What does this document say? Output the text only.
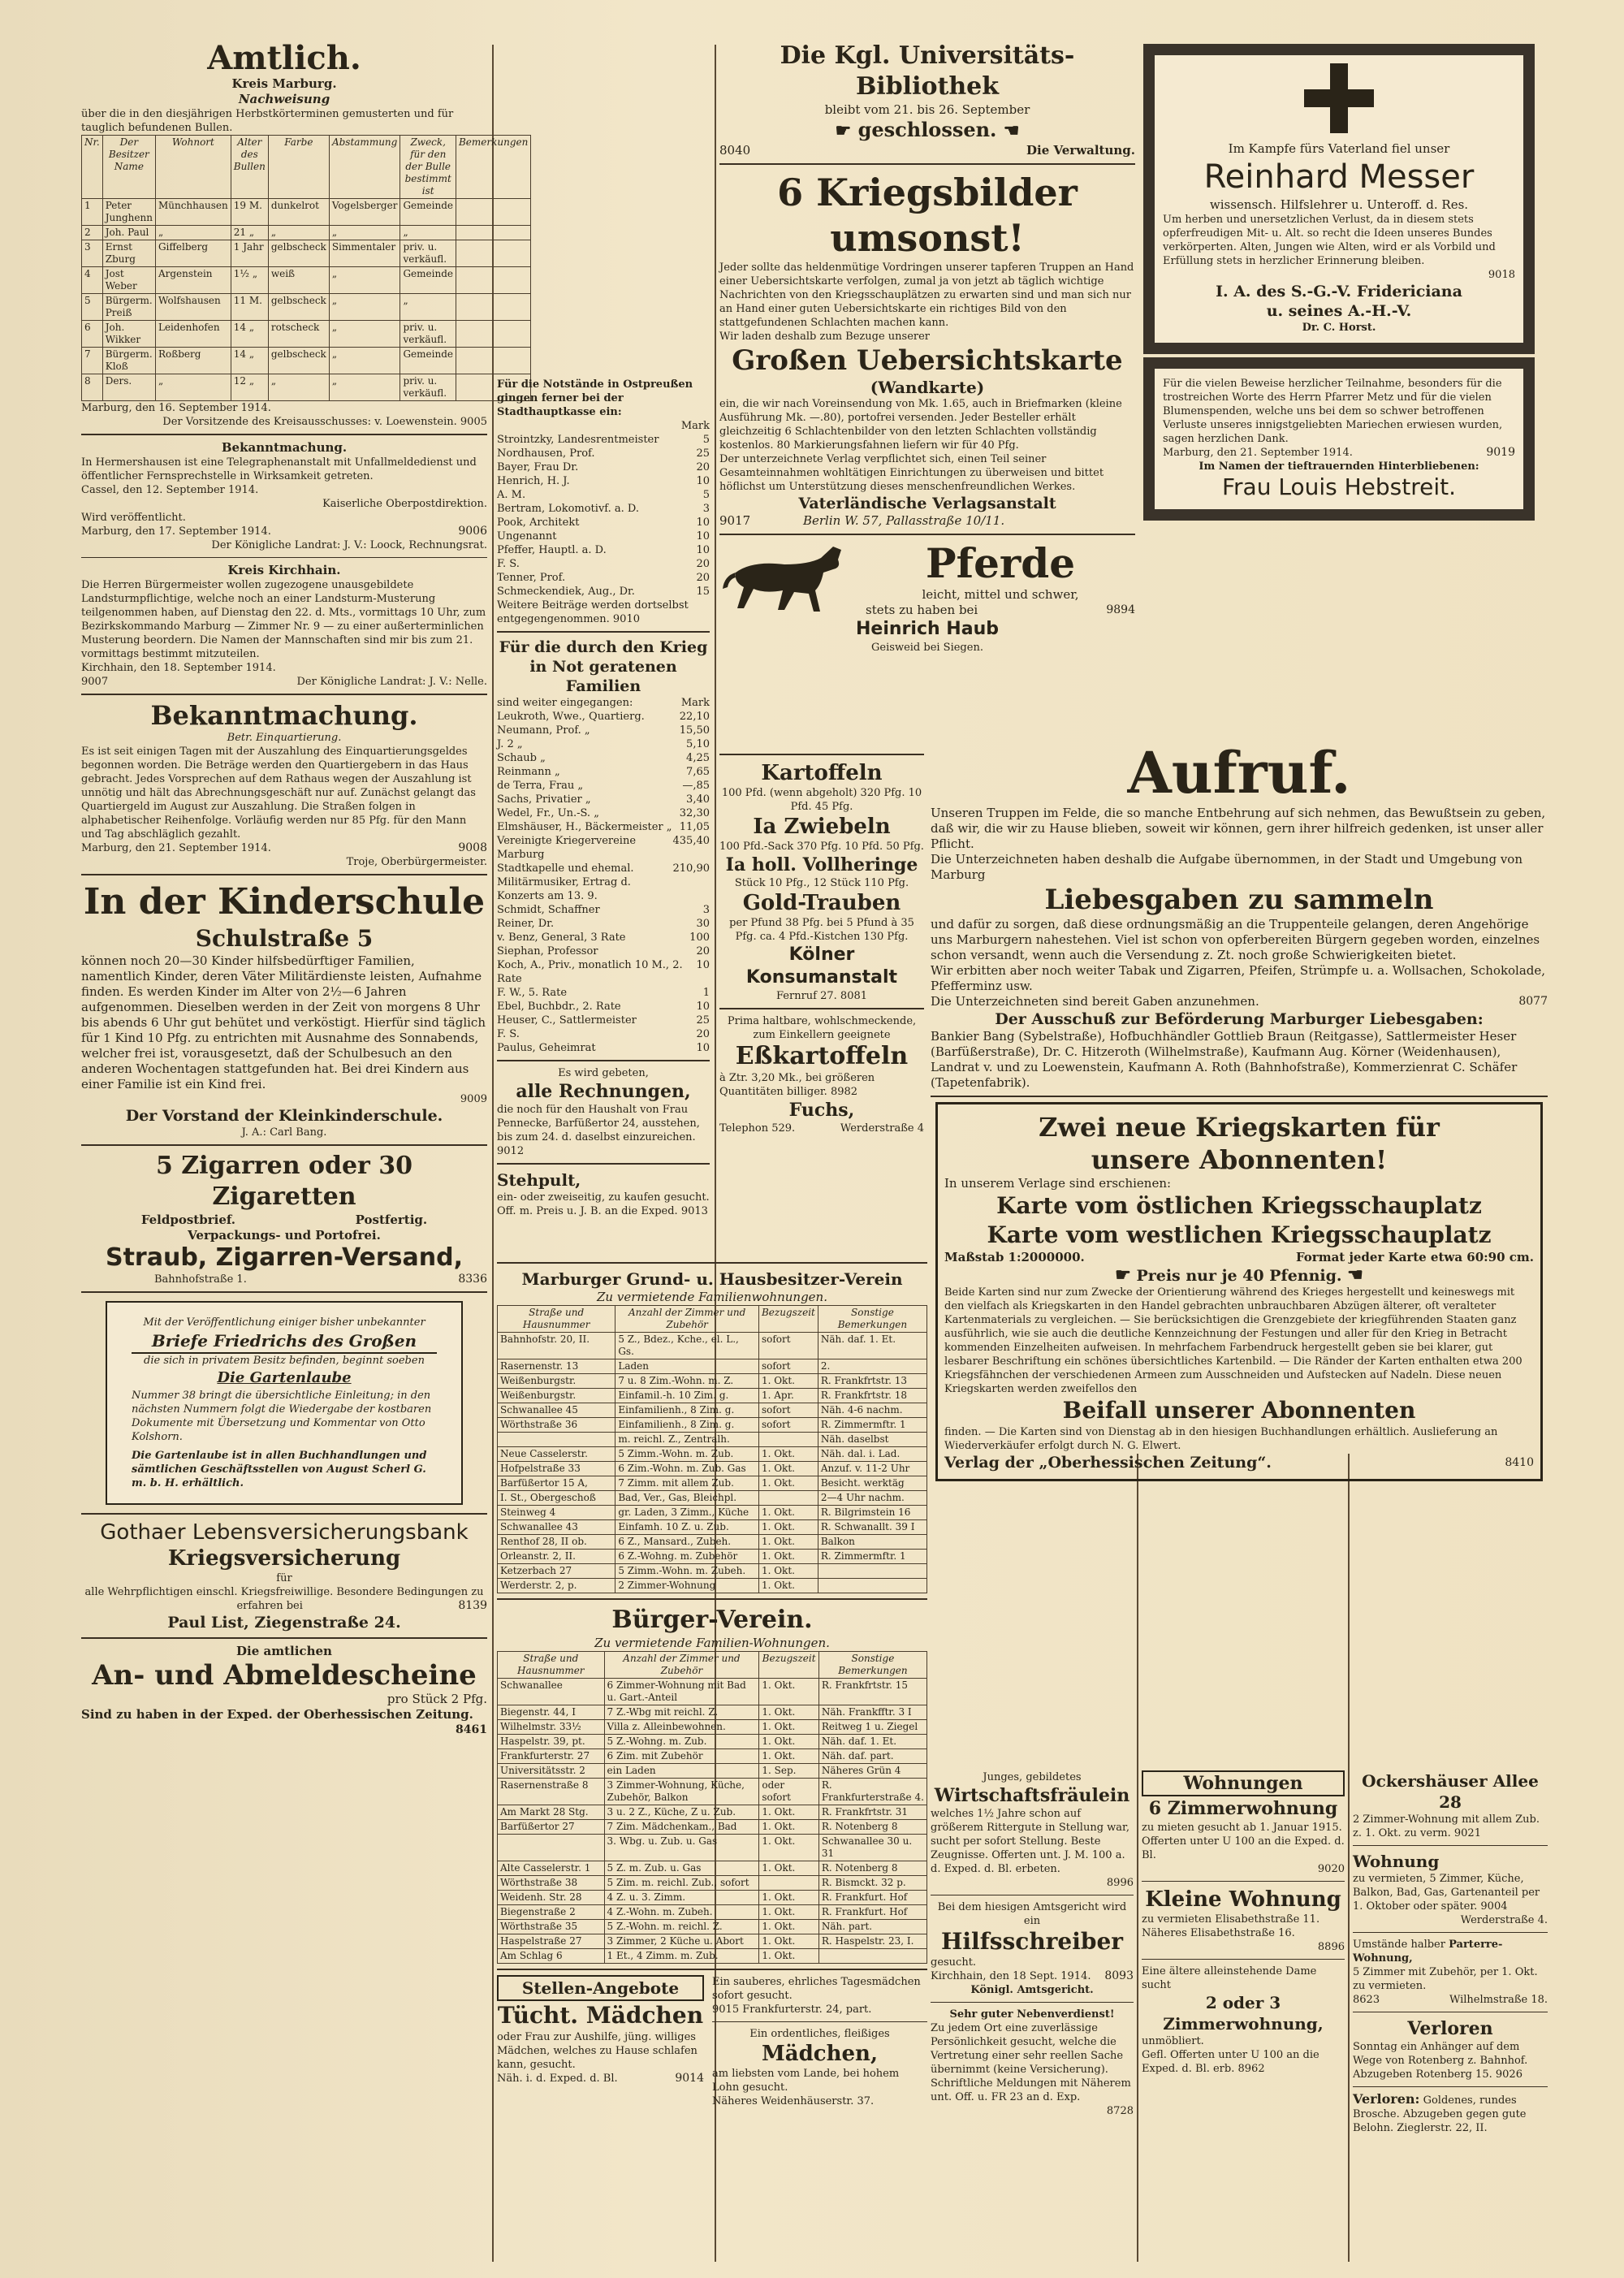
Amtlich.
Kreis Marburg.
Nachweisung
über die in den diesjährigen Herbstkörterminen gemusterten und für tauglich befundenen Bullen.
Nr.	Der Besitzer Name	Wohnort	Alter des Bullen	Farbe	Abstammung	Zweck, für den der Bulle bestimmt ist	Bemerkungen
1	Peter Junghenn	Münchhausen	19 M.	dunkelrot	Vogelsberger	Gemeinde	
2	Joh. Paul	„	21 „	„	„	„	
3	Ernst Zburg	Giffelberg	1 Jahr	gelbscheck	Simmentaler	priv. u. verkäufl.	
4	Jost Weber	Argenstein	1½ „	weiß	„	Gemeinde	
5	Bürgerm. Preiß	Wolfshausen	11 M.	gelbscheck	„	„	
6	Joh. Wikker	Leidenhofen	14 „	rotscheck	„	priv. u. verkäufl.	
7	Bürgerm. Kloß	Roßberg	14 „	gelbscheck	„	Gemeinde	
8	Ders.	„	12 „	„	„	priv. u. verkäufl.	
Marburg, den 16. September 1914.
Der Vorsitzende des Kreisausschusses: v. Loewenstein. 9005
Bekanntmachung.
In Hermershausen ist eine Telegraphenanstalt mit Unfallmeldedienst und öffentlicher Fernsprechstelle in Wirksamkeit getreten.
Cassel, den 12. September 1914.
Kaiserliche Oberpostdirektion.
Wird veröffentlicht.
Marburg, den 17. September 1914.	9006
Der Königliche Landrat: J. V.: Loock, Rechnungsrat.
Kreis Kirchhain.
Die Herren Bürgermeister wollen zugezogene unausgebildete Landsturmpflichtige, welche noch an einer Landsturm-Musterung teilgenommen haben, auf Dienstag den 22. d. Mts., vormittags 10 Uhr, zum Bezirkskommando Marburg — Zimmer Nr. 9 — zu einer außerterminlichen Musterung beordern. Die Namen der Mannschaften sind mir bis zum 21. vormittags bestimmt mitzuteilen.
Kirchhain, den 18. September 1914.
9007	Der Königliche Landrat: J. V.: Nelle.
Bekanntmachung.
Betr. Einquartierung.
Es ist seit einigen Tagen mit der Auszahlung des Einquartierungsgeldes begonnen worden. Die Beträge werden den Quartiergebern in das Haus gebracht. Jedes Vorsprechen auf dem Rathaus wegen der Auszahlung ist unnötig und hält das Abrechnungsgeschäft nur auf. Zunächst gelangt das Quartiergeld im August zur Auszahlung. Die Straßen folgen in alphabetischer Reihenfolge. Vorläufig werden nur 85 Pfg. für den Mann und Tag abschläglich gezahlt.
Marburg, den 21. September 1914.	9008
Troje, Oberbürgermeister.
In der Kinderschule
Schulstraße 5
können noch 20—30 Kinder hilfsbedürftiger Familien, namentlich Kinder, deren Väter Militärdienste leisten, Aufnahme finden. Es werden Kinder im Alter von 2½—6 Jahren aufgenommen. Dieselben werden in der Zeit von morgens 8 Uhr bis abends 6 Uhr gut behütet und verköstigt. Hierfür sind täglich für 1 Kind 10 Pfg. zu entrichten mit Ausnahme des Sonnabends, welcher frei ist, vorausgesetzt, daß der Schulbesuch an den anderen Wochentagen stattgefunden hat. Bei drei Kindern aus einer Familie ist ein Kind frei.
9009
Der Vorstand der Kleinkinderschule.
J. A.: Carl Bang.
5 Zigarren oder 30 Zigaretten
Feldpostbrief.	Postfertig.
Verpackungs- und Portofrei.
Straub, Zigarren-Versand,
Bahnhofstraße 1.	8336
Mit der Veröffentlichung einiger bisher unbekannter
Briefe Friedrichs des Großen
die sich in privatem Besitz befinden, beginnt soeben
Die Gartenlaube
Nummer 38 bringt die übersichtliche Einleitung; in den nächsten Nummern folgt die Wiedergabe der kostbaren Dokumente mit Übersetzung und Kommentar von Otto Kolshorn.
Die Gartenlaube ist in allen Buchhandlungen und sämtlichen Geschäftsstellen von August Scherl G. m. b. H. erhältlich.
Gothaer Lebensversicherungsbank
Kriegsversicherung
für
alle Wehrpflichtigen einschl. Kriegsfreiwillige. Besondere Bedingungen zu erfahren bei	8139
Paul List, Ziegenstraße 24.
Die amtlichen
An- und Abmeldescheine
pro Stück 2 Pfg.
Sind zu haben in der Exped. der Oberhessischen Zeitung.
8461
Für die Notstände in Ostpreußen gingen ferner bei der Stadthauptkasse ein:
Mark
Strointzky, Landesrentmeister	5
Nordhausen, Prof.	25
Bayer, Frau Dr.	20
Henrich, H. J.	10
A. M.	5
Bertram, Lokomotivf. a. D.	3
Pook, Architekt	10
Ungenannt	10
Pfeffer, Hauptl. a. D.	10
F. S.	20
Tenner, Prof.	20
Schmeckendiek, Aug., Dr.	15
Weitere Beiträge werden dortselbst entgegengenommen. 9010
Für die durch den Krieg in Not geratenen Familien
sind weiter eingegangen:	Mark
Leukroth, Wwe., Quartierg.	22,10
Neumann, Prof. „	15,50
J. 2 „	5,10
Schaub „	4,25
Reinmann „	7,65
de Terra, Frau „	—,85
Sachs, Privatier „	3,40
Wedel, Fr., Un.-S. „	32,30
Elmshäuser, H., Bäckermeister „ 11,05
Vereinigte Kriegervereine Marburg
435,40
Stadtkapelle und ehemal. Militärmusiker, Ertrag d. Konzerts am 13. 9.
210,90
Schmidt, Schaffner	3
Reiner, Dr.	30
v. Benz, General, 3 Rate	100
Siephan, Professor	20
Koch, A., Priv., monatlich 10 M., 2. Rate
10
F. W., 5. Rate	1
Ebel, Buchbdr., 2. Rate	10
Heuser, C., Sattlermeister	25
F. S.	20
Paulus, Geheimrat	10
Es wird gebeten,
alle Rechnungen,
die noch für den Haushalt von Frau Pennecke, Barfüßertor 24, ausstehen, bis zum 24. d. daselbst einzureichen. 9012
Stehpult,
ein- oder zweiseitig, zu kaufen gesucht. Off. m. Preis u. J. B. an die Exped. 9013
Marburger Grund- u. Hausbesitzer-Verein
Zu vermietende Familienwohnungen.
Straße und Hausnummer	Anzahl der Zimmer und Zubehör	Bezugszeit	Sonstige Bemerkungen
Bahnhofstr. 20, II.	5 Z., Bdez., Kche., el. L., Gs.	sofort	Näh. daf. 1. Et.
Rasernenstr. 13	Laden	sofort	2.
Weißenburgstr.	7 u. 8 Zim.-Wohn. m. Z.	1. Okt.	R. Frankfrtstr. 13
Weißenburgstr.	Einfamil.-h. 10 Zim. g.	1. Apr.	R. Frankfrtstr. 18
Schwanallee 45	Einfamilienh., 8 Zim. g.	sofort	Näh. 4-6 nachm.
Wörthstraße 36	Einfamilienh., 8 Zim. g.	sofort	R. Zimmermftr. 1
	m. reichl. Z., Zentralh.		Näh. daselbst
Neue Casselerstr.	5 Zimm.-Wohn. m. Zub.	1. Okt.	Näh. dal. i. Lad.
Hofpelstraße 33	6 Zim.-Wohn. m. Zub. Gas	1. Okt.	Anzuf. v. 11-2 Uhr
Barfüßertor 15 A,	7 Zimm. mit allem Zub.	1. Okt.	Besicht. werktäg
I. St., Obergeschoß	Bad, Ver., Gas, Bleichpl.		2—4 Uhr nachm.
Steinweg 4	gr. Laden, 3 Zimm., Küche	1. Okt.	R. Bilgrimstein 16
Schwanallee 43	Einfamh. 10 Z. u. Zub.	1. Okt.	R. Schwanallt. 39 I
Renthof 28, II ob.	6 Z., Mansard., Zubeh.	1. Okt.	Balkon
Orleanstr. 2, II.	6 Z.-Wohng. m. Zubehör	1. Okt.	R. Zimmermftr. 1
Ketzerbach 27	5 Zimm.-Wohn. m. Zubeh.	1. Okt.	
Werderstr. 2, p.	2 Zimmer-Wohnung	1. Okt.	
Bürger-Verein.
Zu vermietende Familien-Wohnungen.
Straße und Hausnummer	Anzahl der Zimmer und Zubehör	Bezugszeit	Sonstige Bemerkungen
Schwanallee	6 Zimmer-Wohnung mit Bad u. Gart.-Anteil	1. Okt.	R. Frankfrtstr. 15
Biegenstr. 44, I	7 Z.-Wbg mit reichl. Z.	1. Okt.	Näh. Frankfftr. 3 I
Wilhelmstr. 33½	Villa z. Alleinbewohnen.	1. Okt.	Reitweg 1 u. Ziegel
Haspelstr. 39, pt.	5 Z.-Wohng. m. Zub.	1. Okt.	Näh. daf. 1. Et.
Frankfurterstr. 27	6 Zim. mit Zubehör	1. Okt.	Näh. daf. part.
Universitätsstr. 2	ein Laden	1. Sep.	Näheres Grün 4
Rasernenstraße 8	3 Zimmer-Wohnung, Küche, Zubehör, Balkon	oder sofort	R. Frankfurterstraße 4.
Am Markt 28 Stg.	3 u. 2 Z., Küche, Z u. Zub.	1. Okt.	R. Frankfrtstr. 31
Barfüßertor 27	7 Zim. Mädchenkam., Bad	1. Okt.	R. Notenberg 8
	3. Wbg. u. Zub. u. Gas	1. Okt.	Schwanallee 30 u. 31
Alte Casselerstr. 1	5 Z. m. Zub. u. Gas	1. Okt.	R. Notenberg 8
Wörthstraße 38	5 Zim. m. reichl. Zub., sofort		R. Bismckt. 32 p.
Weidenh. Str. 28	4 Z. u. 3. Zimm.	1. Okt.	R. Frankfurt. Hof
Biegenstraße 2	4 Z.-Wohn. m. Zubeh.	1. Okt.	R. Frankfurt. Hof
Wörthstraße 35	5 Z.-Wohn. m. reichl. Z.	1. Okt.	Näh. part.
Haspelstraße 27	3 Zimmer, 2 Küche u. Abort	1. Okt.	R. Haspelstr. 23, I.
Am Schlag 6	1 Et., 4 Zimm. m. Zub.	1. Okt.	
Stellen-Angebote
Tücht. Mädchen
oder Frau zur Aushilfe, jüng. williges Mädchen, welches zu Hause schlafen kann, gesucht.
Näh. i. d. Exped. d. Bl.	9014
Ein sauberes, ehrliches Tagesmädchen sofort gesucht.
9015 Frankfurterstr. 24, part.
Ein ordentliches, fleißiges
Mädchen,
am liebsten vom Lande, bei hohem Lohn gesucht.
Näheres Weidenhäuserstr. 37.
Die Kgl. Universitäts-Bibliothek
bleibt vom 21. bis 26. September
☛ geschlossen. ☚
8040	Die Verwaltung.
6 Kriegsbilder umsonst!
Jeder sollte das heldenmütige Vordringen unserer tapferen Truppen an Hand einer Uebersichtskarte verfolgen, zumal ja von jetzt ab täglich wichtige Nachrichten von den Kriegsschauplätzen zu erwarten sind und man sich nur an Hand einer guten Uebersichtskarte ein richtiges Bild von den stattgefundenen Schlachten machen kann.
Wir laden deshalb zum Bezuge unserer
Großen Uebersichtskarte (Wandkarte)
ein, die wir nach Voreinsendung von Mk. 1.65, auch in Briefmarken (kleine Ausführung Mk. —.80), portofrei versenden. Jeder Besteller erhält gleichzeitig 6 Schlachtenbilder von den letzten Schlachten vollständig kostenlos. 80 Markierungsfahnen liefern wir für 40 Pfg.
Der unterzeichnete Verlag verpflichtet sich, einen Teil seiner Gesamteinnahmen wohltätigen Einrichtungen zu überweisen und bittet höflichst um Unterstützung dieses menschenfreundlichen Werkes.
Vaterländische Verlagsanstalt
9017	Berlin W. 57, Pallasstraße 10/11.
Pferde
leicht, mittel und schwer,
stets zu haben bei	9894
Heinrich Haub
Geisweid bei Siegen.
Kartoffeln
100 Pfd. (wenn abgeholt) 320 Pfg. 10 Pfd. 45 Pfg.
Ia Zwiebeln
100 Pfd.-Sack 370 Pfg. 10 Pfd. 50 Pfg.
Ia holl. Vollheringe
Stück 10 Pfg., 12 Stück 110 Pfg.
Gold-Trauben
per Pfund 38 Pfg. bei 5 Pfund à 35 Pfg. ca. 4 Pfd.-Kistchen 130 Pfg.
Kölner Konsumanstalt
Fernruf 27. 8081
Prima haltbare, wohlschmeckende, zum Einkellern geeignete
Eßkartoffeln
à Ztr. 3,20 Mk., bei größeren Quantitäten billiger. 8982
Fuchs,
Telephon 529.	Werderstraße 4
Im Kampfe fürs Vaterland fiel unser
Reinhard Messer
wissensch. Hilfslehrer u. Unteroff. d. Res.
Um herben und unersetzlichen Verlust, da in diesem stets opferfreudigen Mit- u. Alt. so recht die Ideen unseres Bundes verkörperten. Alten, Jungen wie Alten, wird er als Vorbild und Erfüllung stets in herzlicher Erinnerung bleiben.
9018
I. A. des S.-G.-V. Fridericiana
u. seines A.-H.-V.
Dr. C. Horst.
Für die vielen Beweise herzlicher Teilnahme, besonders für die trostreichen Worte des Herrn Pfarrer Metz und für die vielen Blumenspenden, welche uns bei dem so schwer betroffenen Verluste unseres innigstgeliebten Mariechen erwiesen wurden, sagen herzlichen Dank.
Marburg, den 21. September 1914.	9019
Im Namen der tieftrauernden Hinterbliebenen:
Frau Louis Hebstreit.
Aufruf.
Unseren Truppen im Felde, die so manche Entbehrung auf sich nehmen, das Bewußtsein zu geben, daß wir, die wir zu Hause blieben, soweit wir können, gern ihrer hilfreich gedenken, ist unser aller Pflicht.
Die Unterzeichneten haben deshalb die Aufgabe übernommen, in der Stadt und Umgebung von Marburg
Liebesgaben zu sammeln
und dafür zu sorgen, daß diese ordnungsmäßig an die Truppenteile gelangen, deren Angehörige uns Marburgern nahestehen. Viel ist schon von opferbereiten Bürgern gegeben worden, einzelnes schon versandt, wenn auch die Versendung z. Zt. noch große Schwierigkeiten bietet.
Wir erbitten aber noch weiter Tabak und Zigarren, Pfeifen, Strümpfe u. a. Wollsachen, Schokolade, Pfefferminz usw.
Die Unterzeichneten sind bereit Gaben anzunehmen.	8077
Der Ausschuß zur Beförderung Marburger Liebesgaben:
Bankier Bang (Sybelstraße), Hofbuchhändler Gottlieb Braun (Reitgasse), Sattlermeister Heser (Barfüßerstraße), Dr. C. Hitzeroth (Wilhelmstraße), Kaufmann Aug. Körner (Weidenhausen), Landrat v. und zu Loewenstein, Kaufmann A. Roth (Bahnhofstraße), Kommerzienrat C. Schäfer (Tapetenfabrik).
Zwei neue Kriegskarten für
unsere Abonnenten!
In unserem Verlage sind erschienen:
Karte vom östlichen Kriegsschauplatz
Karte vom westlichen Kriegsschauplatz
Maßstab 1:2000000.	Format jeder Karte etwa 60:90 cm.
☛ Preis nur je 40 Pfennig. ☚
Beide Karten sind nur zum Zwecke der Orientierung während des Krieges hergestellt und keineswegs mit den vielfach als Kriegskarten in den Handel gebrachten unbrauchbaren Abzügen älterer, oft veralteter Kartenmaterials zu vergleichen. — Sie berücksichtigen die Grenzgebiete der kriegführenden Staaten ganz ausführlich, wie sie auch die deutliche Kennzeichnung der Festungen und aller für den Krieg in Betracht kommenden Einzelheiten aufweisen. In mehrfachem Farbendruck hergestellt geben sie bei klarer, gut lesbarer Beschriftung ein schönes übersichtliches Kartenbild. — Die Ränder der Karten enthalten etwa 200 Kriegsfähnchen der verschiedenen Armeen zum Ausschneiden und Aufstecken auf Nadeln. Diese neuen Kriegskarten werden zweifellos den
Beifall unserer Abonnenten
finden. — Die Karten sind von Dienstag ab in den hiesigen Buchhandlungen erhältlich. Auslieferung an Wiederverkäufer erfolgt durch N. G. Elwert.
Verlag der „Oberhessischen Zeitung“.	8410
Junges, gebildetes
Wirtschaftsfräulein
welches 1½ Jahre schon auf größerem Rittergute in Stellung war, sucht per sofort Stellung. Beste Zeugnisse. Offerten unt. J. M. 100 a. d. Exped. d. Bl. erbeten.
8996
Bei dem hiesigen Amtsgericht wird ein
Hilfsschreiber
gesucht.
Kirchhain, den 18 Sept. 1914. 8093
Königl. Amtsgericht.
Sehr guter Nebenverdienst!
Zu jedem Ort eine zuverlässige Persönlichkeit gesucht, welche die Vertretung einer sehr reellen Sache übernimmt (keine Versicherung). Schriftliche Meldungen mit Näherem unt. Off. u. FR 23 an d. Exp.
8728
Wohnungen
6 Zimmerwohnung
zu mieten gesucht ab 1. Januar 1915. Offerten unter U 100 an die Exped. d. Bl.
9020
Kleine Wohnung
zu vermieten Elisabethstraße 11. Näheres Elisabethstraße 16.
8896
Eine ältere alleinstehende Dame sucht
2 oder 3 Zimmerwohnung,
unmöbliert.
Gefl. Offerten unter U 100 an die Exped. d. Bl. erb. 8962
Ockershäuser Allee 28
2 Zimmer-Wohnung mit allem Zub. z. 1. Okt. zu verm. 9021
Wohnung
zu vermieten, 5 Zimmer, Küche, Balkon, Bad, Gas, Gartenanteil per 1. Oktober oder später. 9004
Werderstraße 4.
Umstände halber Parterre-Wohnung,
5 Zimmer mit Zubehör, per 1. Okt. zu vermieten.
8623	Wilhelmstraße 18.
Verloren
Sonntag ein Anhänger auf dem Wege von Rotenberg z. Bahnhof. Abzugeben Rotenberg 15. 9026
Verloren: Goldenes, rundes Brosche. Abzugeben gegen gute Belohn. Zieglerstr. 22, II.
